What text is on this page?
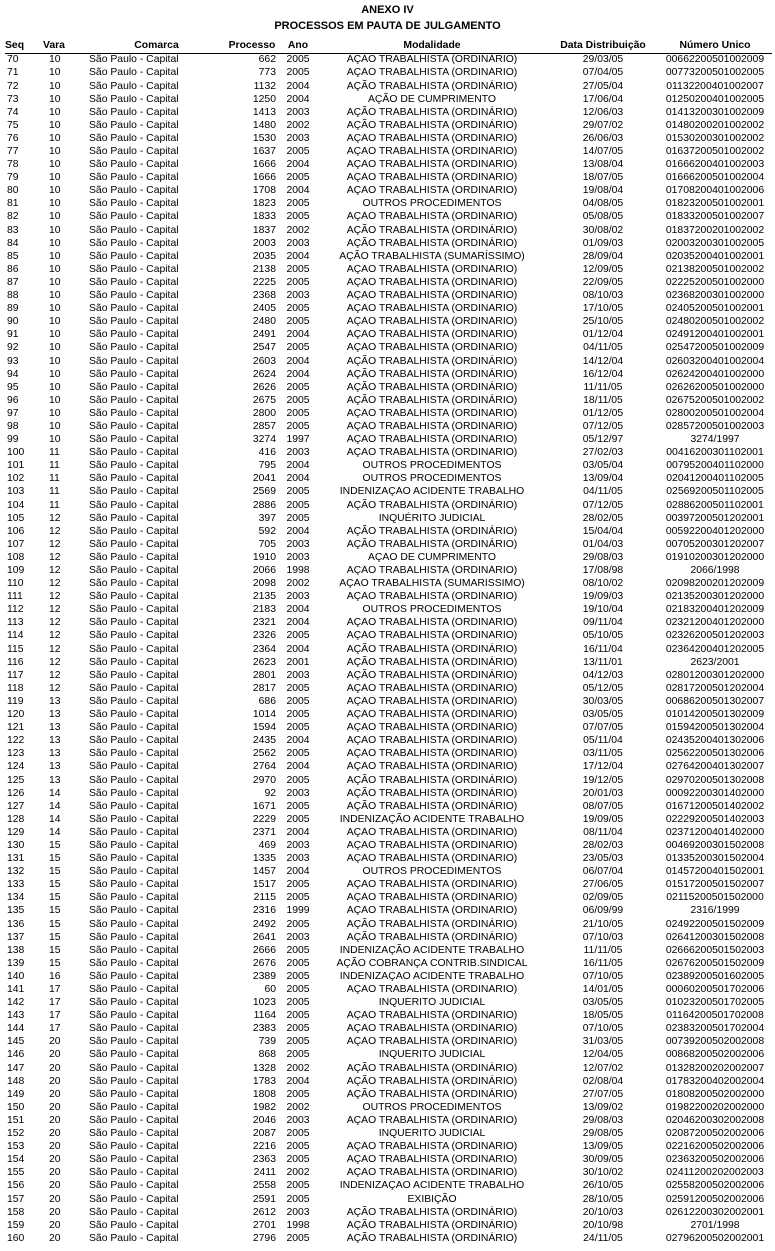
ANEXO IV
PROCESSOS EM PAUTA DE JULGAMENTO
Seq	Vara	Comarca	Processo	Ano	Modalidade	Data Distribuição	Número Único
70	10	São Paulo - Capital	662	2005	AÇÃO TRABALHISTA (ORDINÁRIO)	29/03/05	00662200501002009
71	10	São Paulo - Capital	773	2005	AÇÃO TRABALHISTA (ORDINÁRIO)	07/04/05	00773200501002005
72	10	São Paulo - Capital	1132	2004	AÇÃO TRABALHISTA (ORDINÁRIO)	27/05/04	01132200401002007
73	10	São Paulo - Capital	1250	2004	AÇÃO DE CUMPRIMENTO	17/06/04	01250200401002005
74	10	São Paulo - Capital	1413	2003	AÇÃO TRABALHISTA (ORDINÁRIO)	12/06/03	01413200301002009
75	10	São Paulo - Capital	1480	2002	AÇÃO TRABALHISTA (ORDINÁRIO)	29/07/02	01480200201002002
76	10	São Paulo - Capital	1530	2003	AÇÃO TRABALHISTA (ORDINÁRIO)	26/06/03	01530200301002002
77	10	São Paulo - Capital	1637	2005	AÇÃO TRABALHISTA (ORDINÁRIO)	14/07/05	01637200501002002
78	10	São Paulo - Capital	1666	2004	AÇÃO TRABALHISTA (ORDINÁRIO)	13/08/04	01666200401002003
79	10	São Paulo - Capital	1666	2005	AÇÃO TRABALHISTA (ORDINÁRIO)	18/07/05	01666200501002004
80	10	São Paulo - Capital	1708	2004	AÇÃO TRABALHISTA (ORDINÁRIO)	19/08/04	01708200401002006
81	10	São Paulo - Capital	1823	2005	OUTROS PROCEDIMENTOS	04/08/05	01823200501002001
82	10	São Paulo - Capital	1833	2005	AÇÃO TRABALHISTA (ORDINÁRIO)	05/08/05	01833200501002007
83	10	São Paulo - Capital	1837	2002	AÇÃO TRABALHISTA (ORDINÁRIO)	30/08/02	01837200201002002
84	10	São Paulo - Capital	2003	2003	AÇÃO TRABALHISTA (ORDINÁRIO)	01/09/03	02003200301002005
85	10	São Paulo - Capital	2035	2004	AÇÃO TRABALHISTA (SUMARÍSSIMO)	28/09/04	02035200401002001
86	10	São Paulo - Capital	2138	2005	AÇÃO TRABALHISTA (ORDINÁRIO)	12/09/05	02138200501002002
87	10	São Paulo - Capital	2225	2005	AÇÃO TRABALHISTA (ORDINÁRIO)	22/09/05	02225200501002000
88	10	São Paulo - Capital	2368	2003	AÇÃO TRABALHISTA (ORDINÁRIO)	08/10/03	02368200301002000
89	10	São Paulo - Capital	2405	2005	AÇÃO TRABALHISTA (ORDINÁRIO)	17/10/05	02405200501002001
90	10	São Paulo - Capital	2480	2005	AÇÃO TRABALHISTA (ORDINÁRIO)	25/10/05	02480200501002002
91	10	São Paulo - Capital	2491	2004	AÇÃO TRABALHISTA (ORDINÁRIO)	01/12/04	02491200401002001
92	10	São Paulo - Capital	2547	2005	AÇÃO TRABALHISTA (ORDINÁRIO)	04/11/05	02547200501002009
93	10	São Paulo - Capital	2603	2004	AÇÃO TRABALHISTA (ORDINÁRIO)	14/12/04	02603200401002004
94	10	São Paulo - Capital	2624	2004	AÇÃO TRABALHISTA (ORDINÁRIO)	16/12/04	02624200401002000
95	10	São Paulo - Capital	2626	2005	AÇÃO TRABALHISTA (ORDINÁRIO)	11/11/05	02626200501002000
96	10	São Paulo - Capital	2675	2005	AÇÃO TRABALHISTA (ORDINÁRIO)	18/11/05	02675200501002002
97	10	São Paulo - Capital	2800	2005	AÇÃO TRABALHISTA (ORDINÁRIO)	01/12/05	02800200501002004
98	10	São Paulo - Capital	2857	2005	AÇÃO TRABALHISTA (ORDINÁRIO)	07/12/05	02857200501002003
99	10	São Paulo - Capital	3274	1997	AÇÃO TRABALHISTA (ORDINÁRIO)	05/12/97	3274/1997
100	11	São Paulo - Capital	416	2003	AÇÃO TRABALHISTA (ORDINÁRIO)	27/02/03	00416200301102001
101	11	São Paulo - Capital	795	2004	OUTROS PROCEDIMENTOS	03/05/04	00795200401102000
102	11	São Paulo - Capital	2041	2004	OUTROS PROCEDIMENTOS	13/09/04	02041200401102005
103	11	São Paulo - Capital	2569	2005	INDENIZAÇÃO ACIDENTE TRABALHO	04/11/05	02569200501102005
104	11	São Paulo - Capital	2886	2005	AÇÃO TRABALHISTA (ORDINÁRIO)	07/12/05	02886200501102001
105	12	São Paulo - Capital	397	2005	INQUÉRITO JUDICIAL	28/02/05	00397200501202001
106	12	São Paulo - Capital	592	2004	AÇÃO TRABALHISTA (ORDINÁRIO)	15/04/04	00592200401202000
107	12	São Paulo - Capital	705	2003	AÇÃO TRABALHISTA (ORDINÁRIO)	01/04/03	00705200301202007
108	12	São Paulo - Capital	1910	2003	AÇÃO DE CUMPRIMENTO	29/08/03	01910200301202000
109	12	São Paulo - Capital	2066	1998	AÇÃO TRABALHISTA (ORDINÁRIO)	17/08/98	2066/1998
110	12	São Paulo - Capital	2098	2002	AÇÃO TRABALHISTA (SUMARÍSSIMO)	08/10/02	02098200201202009
111	12	São Paulo - Capital	2135	2003	AÇÃO TRABALHISTA (ORDINÁRIO)	19/09/03	02135200301202000
112	12	São Paulo - Capital	2183	2004	OUTROS PROCEDIMENTOS	19/10/04	02183200401202009
113	12	São Paulo - Capital	2321	2004	AÇÃO TRABALHISTA (ORDINÁRIO)	09/11/04	02321200401202000
114	12	São Paulo - Capital	2326	2005	AÇÃO TRABALHISTA (ORDINÁRIO)	05/10/05	02326200501202003
115	12	São Paulo - Capital	2364	2004	AÇÃO TRABALHISTA (ORDINÁRIO)	16/11/04	02364200401202005
116	12	São Paulo - Capital	2623	2001	AÇÃO TRABALHISTA (ORDINÁRIO)	13/11/01	2623/2001
117	12	São Paulo - Capital	2801	2003	AÇÃO TRABALHISTA (ORDINÁRIO)	04/12/03	02801200301202000
118	12	São Paulo - Capital	2817	2005	AÇÃO TRABALHISTA (ORDINÁRIO)	05/12/05	02817200501202004
119	13	São Paulo - Capital	686	2005	AÇÃO TRABALHISTA (ORDINÁRIO)	30/03/05	00686200501302007
120	13	São Paulo - Capital	1014	2005	AÇÃO TRABALHISTA (ORDINÁRIO)	03/05/05	01014200501302009
121	13	São Paulo - Capital	1594	2005	AÇÃO TRABALHISTA (ORDINÁRIO)	07/07/05	01594200501302004
122	13	São Paulo - Capital	2435	2004	AÇÃO TRABALHISTA (ORDINÁRIO)	05/11/04	02435200401302006
123	13	São Paulo - Capital	2562	2005	AÇÃO TRABALHISTA (ORDINÁRIO)	03/11/05	02562200501302006
124	13	São Paulo - Capital	2764	2004	AÇÃO TRABALHISTA (ORDINÁRIO)	17/12/04	02764200401302007
125	13	São Paulo - Capital	2970	2005	AÇÃO TRABALHISTA (ORDINÁRIO)	19/12/05	02970200501302008
126	14	São Paulo - Capital	92	2003	AÇÃO TRABALHISTA (ORDINÁRIO)	20/01/03	00092200301402000
127	14	São Paulo - Capital	1671	2005	AÇÃO TRABALHISTA (ORDINÁRIO)	08/07/05	01671200501402002
128	14	São Paulo - Capital	2229	2005	INDENIZAÇÃO ACIDENTE TRABALHO	19/09/05	02229200501402003
129	14	São Paulo - Capital	2371	2004	AÇÃO TRABALHISTA (ORDINÁRIO)	08/11/04	02371200401402000
130	15	São Paulo - Capital	469	2003	AÇÃO TRABALHISTA (ORDINÁRIO)	28/02/03	00469200301502008
131	15	São Paulo - Capital	1335	2003	AÇÃO TRABALHISTA (ORDINÁRIO)	23/05/03	01335200301502004
132	15	São Paulo - Capital	1457	2004	OUTROS PROCEDIMENTOS	06/07/04	01457200401502001
133	15	São Paulo - Capital	1517	2005	AÇÃO TRABALHISTA (ORDINÁRIO)	27/06/05	01517200501502007
134	15	São Paulo - Capital	2115	2005	AÇÃO TRABALHISTA (ORDINÁRIO)	02/09/05	02115200501502000
135	15	São Paulo - Capital	2316	1999	AÇÃO TRABALHISTA (ORDINÁRIO)	06/09/99	2316/1999
136	15	São Paulo - Capital	2492	2005	AÇÃO TRABALHISTA (ORDINÁRIO)	21/10/05	02492200501502009
137	15	São Paulo - Capital	2641	2003	AÇÃO TRABALHISTA (ORDINÁRIO)	07/10/03	02641200301502008
138	15	São Paulo - Capital	2666	2005	INDENIZAÇÃO ACIDENTE TRABALHO	11/11/05	02666200501502003
139	15	São Paulo - Capital	2676	2005	AÇÃO COBRANÇA CONTRIB.SINDICAL	16/11/05	02676200501502009
140	16	São Paulo - Capital	2389	2005	INDENIZAÇÃO ACIDENTE TRABALHO	07/10/05	02389200501602005
141	17	São Paulo - Capital	60	2005	AÇÃO TRABALHISTA (ORDINÁRIO)	14/01/05	00060200501702006
142	17	São Paulo - Capital	1023	2005	INQUÉRITO JUDICIAL	03/05/05	01023200501702005
143	17	São Paulo - Capital	1164	2005	AÇÃO TRABALHISTA (ORDINÁRIO)	18/05/05	01164200501702008
144	17	São Paulo - Capital	2383	2005	AÇÃO TRABALHISTA (ORDINÁRIO)	07/10/05	02383200501702004
145	20	São Paulo - Capital	739	2005	AÇÃO TRABALHISTA (ORDINÁRIO)	31/03/05	00739200502002008
146	20	São Paulo - Capital	868	2005	INQUÉRITO JUDICIAL	12/04/05	00868200502002006
147	20	São Paulo - Capital	1328	2002	AÇÃO TRABALHISTA (ORDINÁRIO)	12/07/02	01328200202002007
148	20	São Paulo - Capital	1783	2004	AÇÃO TRABALHISTA (ORDINÁRIO)	02/08/04	01783200402002004
149	20	São Paulo - Capital	1808	2005	AÇÃO TRABALHISTA (ORDINÁRIO)	27/07/05	01808200502002000
150	20	São Paulo - Capital	1982	2002	OUTROS PROCEDIMENTOS	13/09/02	01982200202002000
151	20	São Paulo - Capital	2046	2003	AÇÃO TRABALHISTA (ORDINÁRIO)	29/08/03	02046200302002008
152	20	São Paulo - Capital	2087	2005	INQUÉRITO JUDICIAL	29/08/05	02087200502002006
153	20	São Paulo - Capital	2216	2005	AÇÃO TRABALHISTA (ORDINÁRIO)	13/09/05	02216200502002006
154	20	São Paulo - Capital	2363	2005	AÇÃO TRABALHISTA (ORDINÁRIO)	30/09/05	02363200502002006
155	20	São Paulo - Capital	2411	2002	AÇÃO TRABALHISTA (ORDINÁRIO)	30/10/02	02411200202002003
156	20	São Paulo - Capital	2558	2005	INDENIZAÇÃO ACIDENTE TRABALHO	26/10/05	02558200502002006
157	20	São Paulo - Capital	2591	2005	EXIBIÇÃO	28/10/05	02591200502002006
158	20	São Paulo - Capital	2612	2003	AÇÃO TRABALHISTA (ORDINÁRIO)	20/10/03	02612200302002001
159	20	São Paulo - Capital	2701	1998	AÇÃO TRABALHISTA (ORDINÁRIO)	20/10/98	2701/1998
160	20	São Paulo - Capital	2796	2005	AÇÃO TRABALHISTA (ORDINÁRIO)	24/11/05	02796200502002001
